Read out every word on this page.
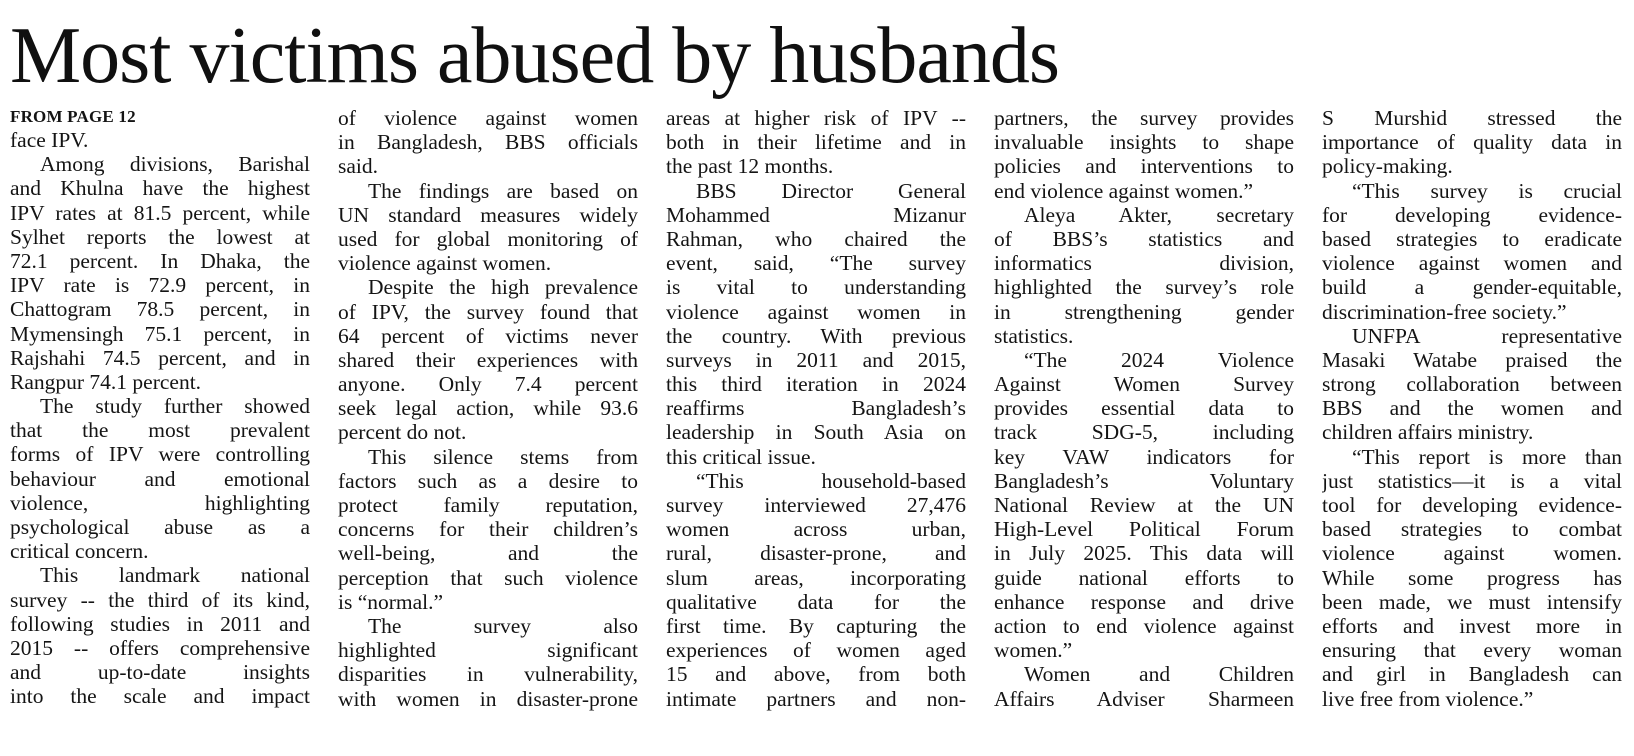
Most victims abused by husbands
FROM PAGE 12
face IPV.
Among divisions, Barishal
and Khulna have the highest
IPV rates at 81.5 percent, while
Sylhet reports the lowest at
72.1 percent. In Dhaka, the
IPV rate is 72.9 percent, in
Chattogram 78.5 percent, in
Mymensingh 75.1 percent, in
Rajshahi 74.5 percent, and in
Rangpur 74.1 percent.
The study further showed
that the most prevalent
forms of IPV were controlling
behaviour and emotional
violence, highlighting
psychological abuse as a
critical concern.
This landmark national
survey -- the third of its kind,
following studies in 2011 and
2015 -- offers comprehensive
and up-to-date insights
into the scale and impact
of violence against women
in Bangladesh, BBS officials
said.
The findings are based on
UN standard measures widely
used for global monitoring of
violence against women.
Despite the high prevalence
of IPV, the survey found that
64 percent of victims never
shared their experiences with
anyone. Only 7.4 percent
seek legal action, while 93.6
percent do not.
This silence stems from
factors such as a desire to
protect family reputation,
concerns for their children’s
well-being, and the
perception that such violence
is “normal.”
The survey also
highlighted significant
disparities in vulnerability,
with women in disaster-prone
areas at higher risk of IPV --
both in their lifetime and in
the past 12 months.
BBS Director General
Mohammed Mizanur
Rahman, who chaired the
event, said, “The survey
is vital to understanding
violence against women in
the country. With previous
surveys in 2011 and 2015,
this third iteration in 2024
reaffirms Bangladesh’s
leadership in South Asia on
this critical issue.
“This household-based
survey interviewed 27,476
women across urban,
rural, disaster-prone, and
slum areas, incorporating
qualitative data for the
first time. By capturing the
experiences of women aged
15 and above, from both
intimate partners and non-
partners, the survey provides
invaluable insights to shape
policies and interventions to
end violence against women.”
Aleya Akter, secretary
of BBS’s statistics and
informatics division,
highlighted the survey’s role
in strengthening gender
statistics.
“The 2024 Violence
Against Women Survey
provides essential data to
track SDG-5, including
key VAW indicators for
Bangladesh’s Voluntary
National Review at the UN
High-Level Political Forum
in July 2025. This data will
guide national efforts to
enhance response and drive
action to end violence against
women.”
Women and Children
Affairs Adviser Sharmeen
S Murshid stressed the
importance of quality data in
policy-making.
“This survey is crucial
for developing evidence-
based strategies to eradicate
violence against women and
build a gender-equitable,
discrimination-free society.”
UNFPA representative
Masaki Watabe praised the
strong collaboration between
BBS and the women and
children affairs ministry.
“This report is more than
just statistics—it is a vital
tool for developing evidence-
based strategies to combat
violence against women.
While some progress has
been made, we must intensify
efforts and invest more in
ensuring that every woman
and girl in Bangladesh can
live free from violence.”
